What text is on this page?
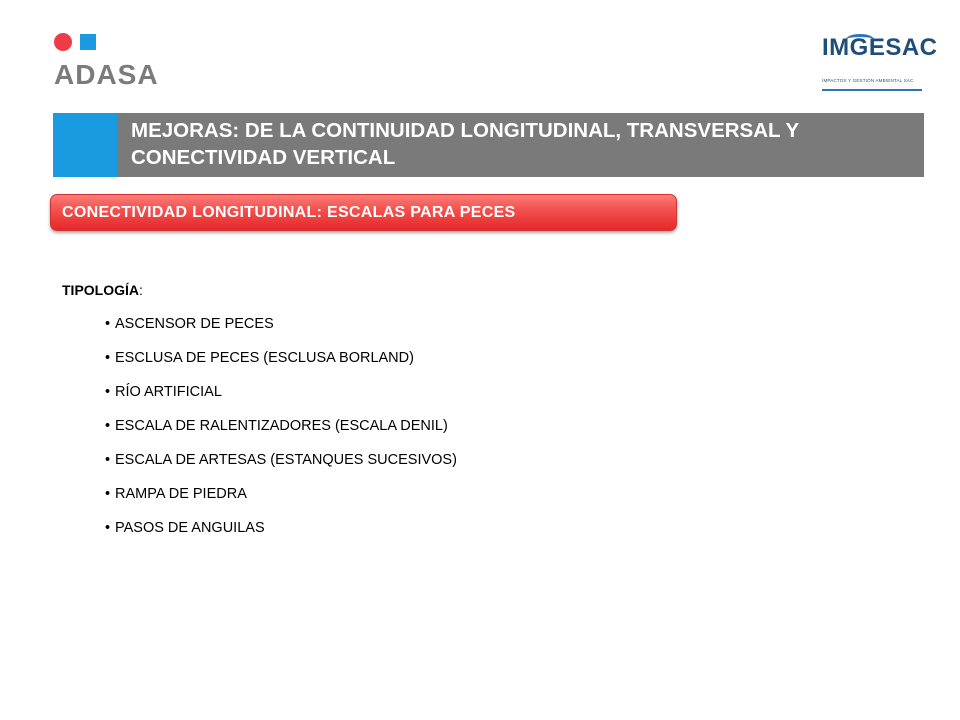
ADASA
IMGESAC
IMPACTOS Y GESTIÓN AMBIENTAL SAC
MEJORAS: DE LA CONTINUIDAD LONGITUDINAL, TRANSVERSAL Y CONECTIVIDAD VERTICAL
CONECTIVIDAD LONGITUDINAL: ESCALAS PARA PECES
TIPOLOGÍA:
• ASCENSOR DE PECES
• ESCLUSA DE PECES (ESCLUSA BORLAND)
• RÍO ARTIFICIAL
• ESCALA DE RALENTIZADORES (ESCALA DENIL)
• ESCALA DE ARTESAS (ESTANQUES SUCESIVOS)
• RAMPA DE PIEDRA
• PASOS DE ANGUILAS
